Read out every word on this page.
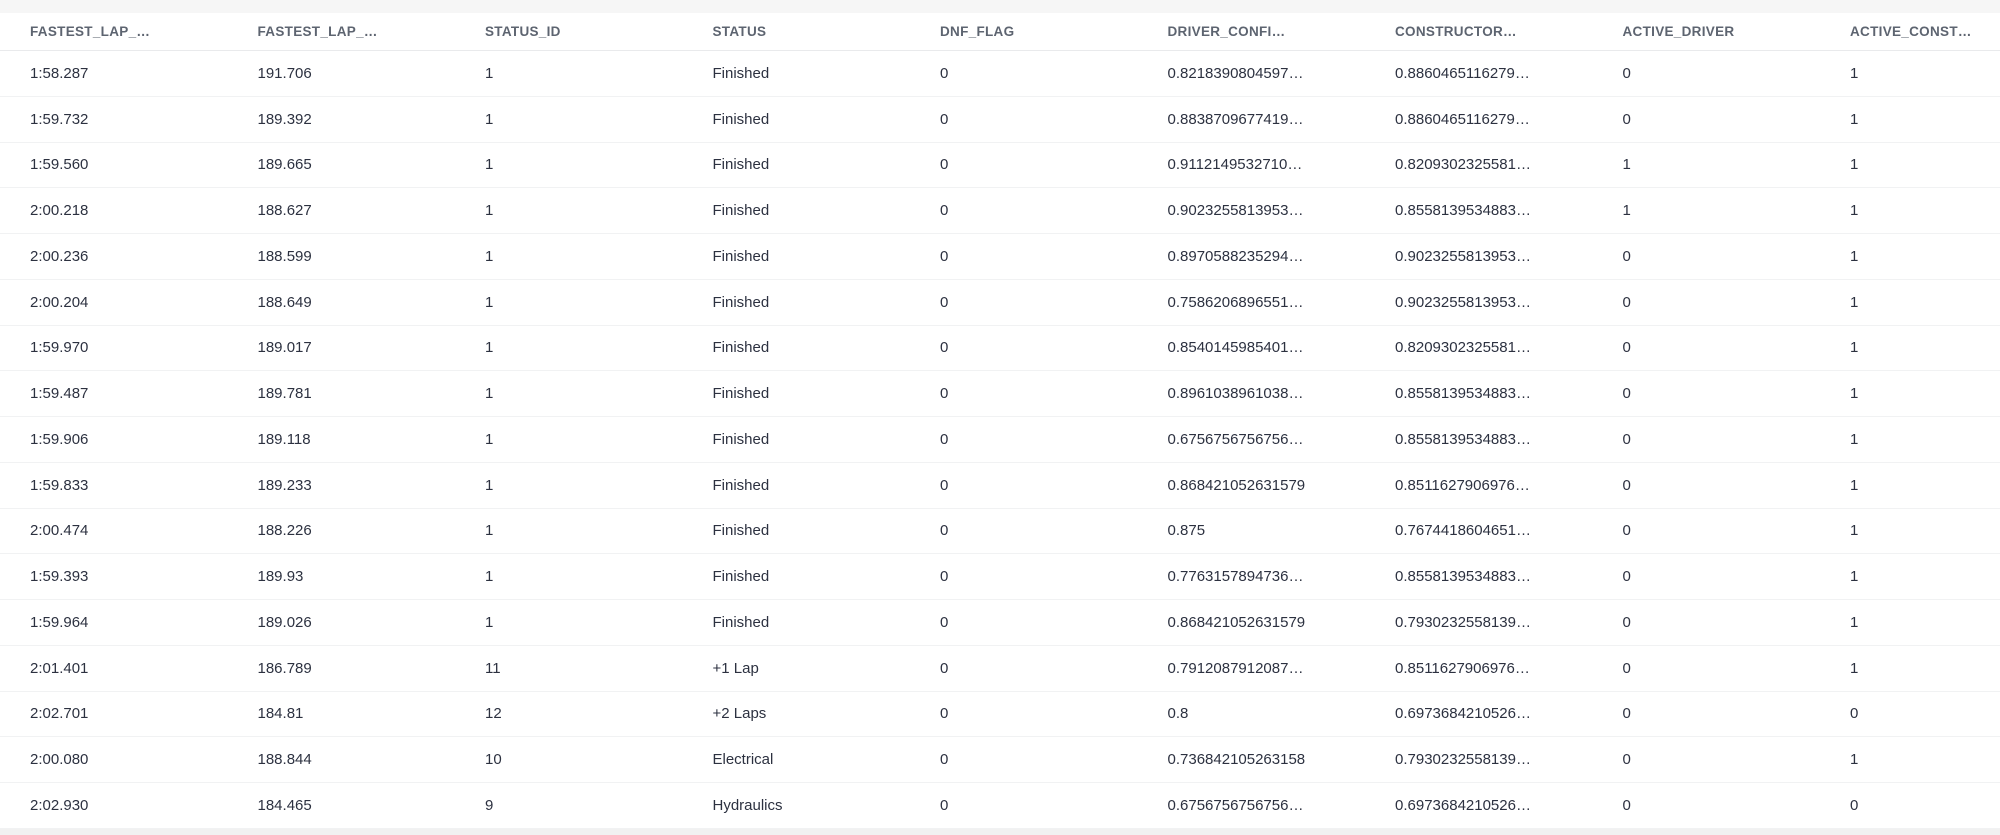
FASTEST_LAP_…	FASTEST_LAP_…	STATUS_ID	STATUS	DNF_FLAG	DRIVER_CONFI…	CONSTRUCTOR…	ACTIVE_DRIVER	ACTIVE_CONST…
1:58.287	191.706	1	Finished	0	0.8218390804597…	0.8860465116279…	0	1
1:59.732	189.392	1	Finished	0	0.8838709677419…	0.8860465116279…	0	1
1:59.560	189.665	1	Finished	0	0.9112149532710…	0.8209302325581…	1	1
2:00.218	188.627	1	Finished	0	0.9023255813953…	0.8558139534883…	1	1
2:00.236	188.599	1	Finished	0	0.8970588235294…	0.9023255813953…	0	1
2:00.204	188.649	1	Finished	0	0.7586206896551…	0.9023255813953…	0	1
1:59.970	189.017	1	Finished	0	0.8540145985401…	0.8209302325581…	0	1
1:59.487	189.781	1	Finished	0	0.8961038961038…	0.8558139534883…	0	1
1:59.906	189.118	1	Finished	0	0.6756756756756…	0.8558139534883…	0	1
1:59.833	189.233	1	Finished	0	0.868421052631579	0.8511627906976…	0	1
2:00.474	188.226	1	Finished	0	0.875	0.7674418604651…	0	1
1:59.393	189.93	1	Finished	0	0.7763157894736…	0.8558139534883…	0	1
1:59.964	189.026	1	Finished	0	0.868421052631579	0.7930232558139…	0	1
2:01.401	186.789	11	+1 Lap	0	0.7912087912087…	0.8511627906976…	0	1
2:02.701	184.81	12	+2 Laps	0	0.8	0.6973684210526…	0	0
2:00.080	188.844	10	Electrical	0	0.736842105263158	0.7930232558139…	0	1
2:02.930	184.465	9	Hydraulics	0	0.6756756756756…	0.6973684210526…	0	0
